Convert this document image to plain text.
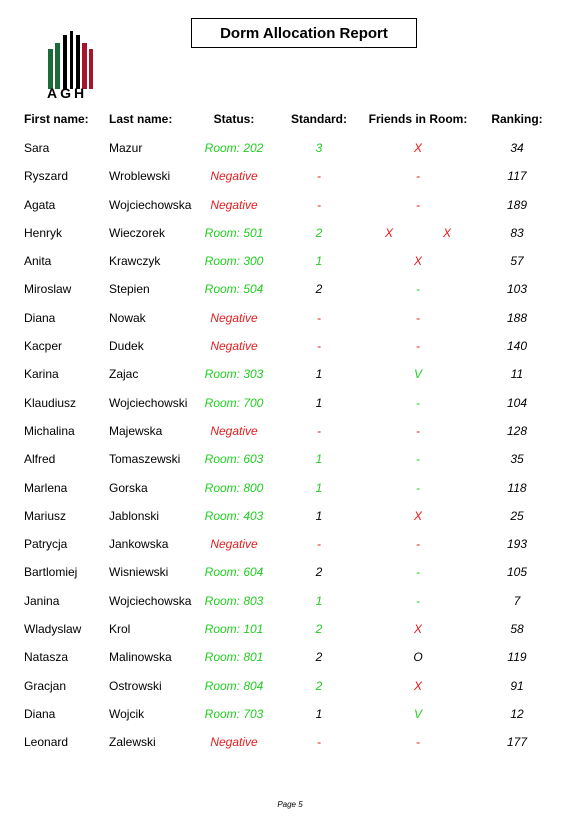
AGH
Dorm Allocation Report
First name: Last name:	Status:	Standard: Friends in Room: Ranking:
Sara	Mazur	Room: 202	3	X	34
Ryszard	Wroblewski	Negative	-	-	117
Agata	Wojciechowska Negative	-	-	189
Henryk	Wieczorek	Room: 501	2	X	X	83
Anita	Krawczyk	Room: 300	1	X	57
Miroslaw	Stepien	Room: 504	2	-	103
Diana	Nowak	Negative	-	-	188
Kacper	Dudek	Negative	-	-	140
Karina	Zajac	Room: 303	1	V	11
Klaudiusz	Wojciechowski Room: 700	1	-	104
Michalina	Majewska	Negative	-	-	128
Alfred	Tomaszewski Room: 603	1	-	35
Marlena	Gorska	Room: 800	1	-	118
Mariusz	Jablonski	Room: 403	1	X	25
Patrycja	Jankowska	Negative	-	-	193
Bartlomiej	Wisniewski	Room: 604	2	-	105
Janina	Wojciechowska Room: 803	1	-	7
Wladyslaw Krol	Room: 101	2	X	58
Natasza	Malinowska	Room: 801	2	O	119
Gracjan	Ostrowski	Room: 804	2	X	91
Diana	Wojcik	Room: 703	1	V	12
Leonard	Zalewski	Negative	-	-	177
Page 5
